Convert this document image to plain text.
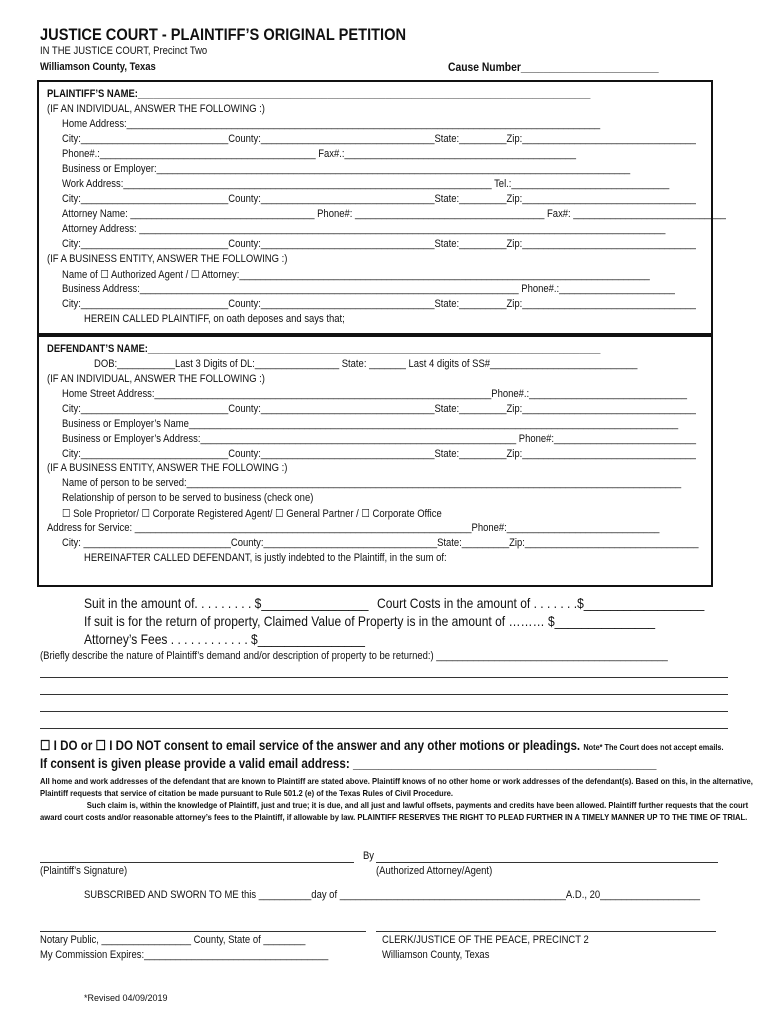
JUSTICE COURT - PLAINTIFF’S ORIGINAL PETITION
IN THE JUSTICE COURT, Precinct Two
Williamson County, Texas	Cause Number________________________
PLAINTIFF’S NAME:______________________________________________________________________________________
(IF AN INDIVIDUAL, ANSWER THE FOLLOWING :)
Home Address:__________________________________________________________________________________________
City:____________________________County:_________________________________State:_________Zip:_________________________________
Phone#.:_________________________________________ Fax#.:____________________________________________
Business or Employer:__________________________________________________________________________________________
Work Address:______________________________________________________________________ Tel.:______________________________
City:____________________________County:_________________________________State:_________Zip:_________________________________
Attorney Name: ___________________________________ Phone#: ____________________________________ Fax#: _____________________________
Attorney Address: ____________________________________________________________________________________________________
City:____________________________County:_________________________________State:_________Zip:_________________________________
(IF A BUSINESS ENTITY, ANSWER THE FOLLOWING :)
Name of ☐ Authorized Agent / ☐ Attorney:______________________________________________________________________________
Business Address:________________________________________________________________________ Phone#.:______________________
City:____________________________County:_________________________________State:_________Zip:_________________________________
HEREIN CALLED PLAINTIFF, on oath deposes and says that;
DEFENDANT’S NAME:______________________________________________________________________________________
DOB:___________Last 3 Digits of DL:________________ State: _______ Last 4 digits of SS#____________________________
(IF AN INDIVIDUAL, ANSWER THE FOLLOWING :)
Home Street Address:________________________________________________________________Phone#.:______________________________
City:____________________________County:_________________________________State:_________Zip:_________________________________
Business or Employer’s Name_____________________________________________________________________________________________
Business or Employer’s Address:____________________________________________________________ Phone#:___________________________
City:____________________________County:_________________________________State:_________Zip:_________________________________
(IF A BUSINESS ENTITY, ANSWER THE FOLLOWING :)
Name of person to be served:______________________________________________________________________________________________
Relationship of person to be served to business (check one)
☐ Sole Proprietor/ ☐ Corporate Registered Agent/ ☐ General Partner / ☐ Corporate Office
Address for Service: ________________________________________________________________Phone#:_____________________________
City: ____________________________County:_________________________________State:_________Zip:_________________________________
HEREINAFTER CALLED DEFENDANT, is justly indebted to the Plaintiff, in the sum of:
Suit in the amount of. . . . . . . . . $________________ Court Costs in the amount of . . . . . . .$__________________
If suit is for the return of property, Claimed Value of Property is in the amount of ……… $_______________
Attorney’s Fees . . . . . . . . . . . . $________________
(Briefly describe the nature of Plaintiff’s demand and/or description of property to be returned:) ____________________________________________
☐ I DO or ☐ I DO NOT consent to email service of the answer and any other motions or pleadings. Note* The Court does not accept emails.
If consent is given please provide a valid email address: _______________________________________________
All home and work addresses of the defendant that are known to Plaintiff are stated above. Plaintiff knows of no other home or work addresses of the defendant(s). Based on this, in the alternative, Plaintiff requests that service of citation be made pursuant to Rule 501.2 (e) of the Texas Rules of Civil Procedure.
Such claim is, within the knowledge of Plaintiff, just and true; it is due, and all just and lawful offsets, payments and credits have been allowed. Plaintiff further requests that the court award court costs and/or reasonable attorney’s fees to the Plaintiff, if allowable by law. PLAINTIFF RESERVES THE RIGHT TO PLEAD FURTHER IN A TIMELY MANNER UP TO THE TIME OF TRIAL.
By
(Plaintiff’s Signature)	(Authorized Attorney/Agent)
SUBSCRIBED AND SWORN TO ME this __________day of ___________________________________________A.D., 20___________________
Notary Public, _________________ County, State of ________
My Commission Expires:___________________________________
CLERK/JUSTICE OF THE PEACE, PRECINCT 2
Williamson County, Texas
*Revised 04/09/2019
